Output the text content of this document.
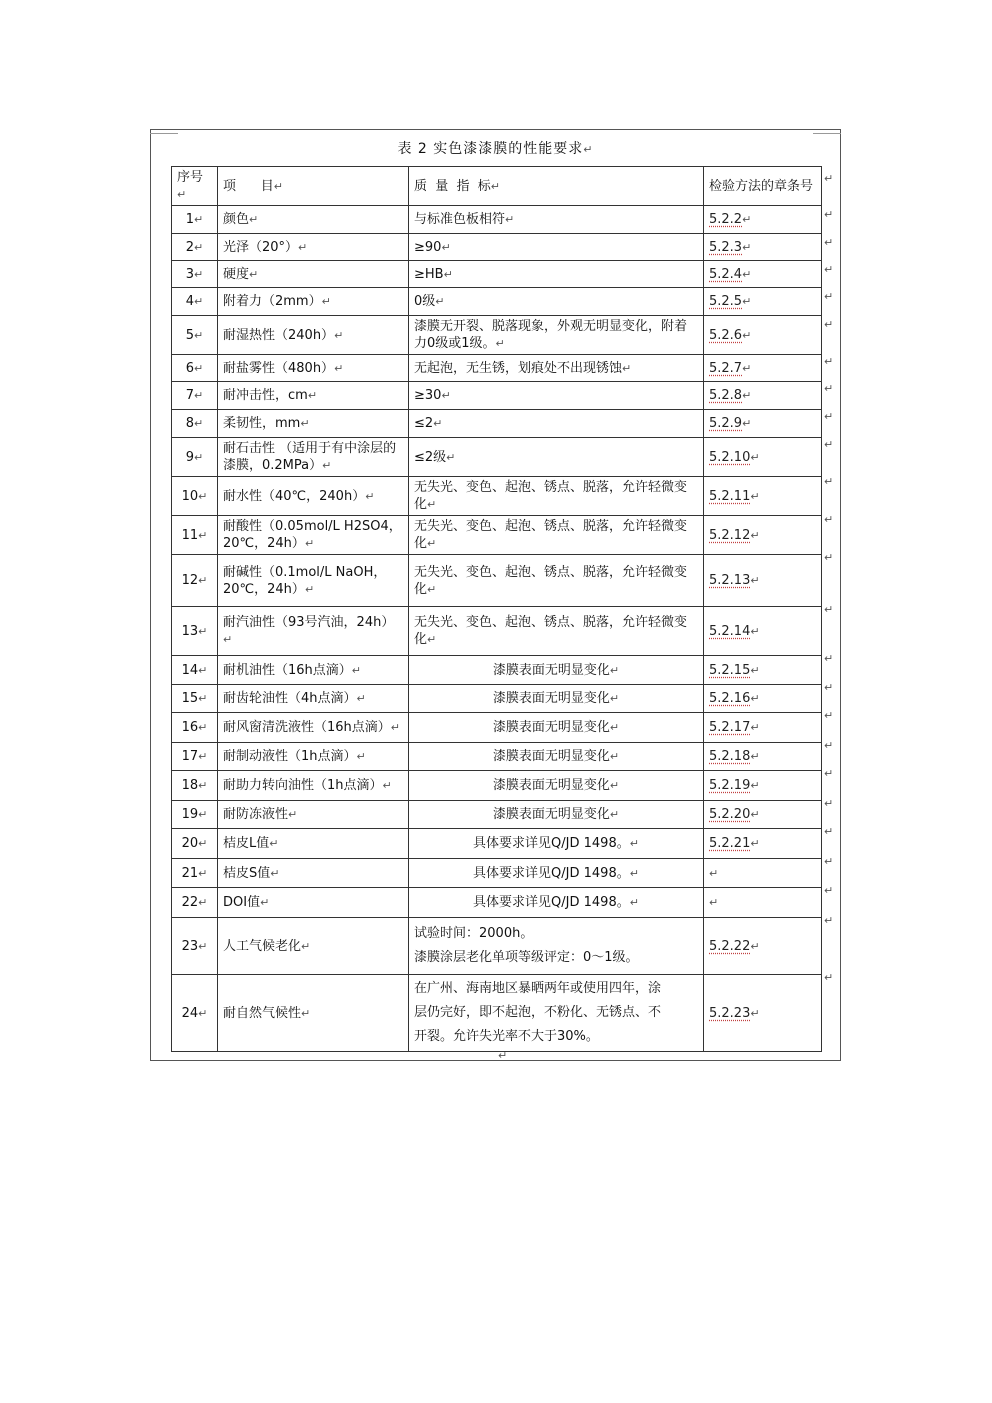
表 2 实色漆漆膜的性能要求↵
序号↵	项      目↵	质  量  指  标↵	检验方法的章条号
1↵	颜色↵	与标准色板相符↵	5.2.2↵
2↵	光泽（20°）↵	≥90↵	5.2.3↵
3↵	硬度↵	≥HB↵	5.2.4↵
4↵	附着力（2mm）↵	0级↵	5.2.5↵
5↵	耐湿热性（240h）↵	漆膜无开裂、脱落现象，外观无明显变化，附着力0级或1级。↵	5.2.6↵
6↵	耐盐雾性（480h）↵	无起泡，无生锈，划痕处不出现锈蚀↵	5.2.7↵
7↵	耐冲击性，cm↵	≥30↵	5.2.8↵
8↵	柔韧性，mm↵	≤2↵	5.2.9↵
9↵	耐石击性 （适用于有中涂层的漆膜，0.2MPa）↵	≤2级↵	5.2.10↵
10↵	耐水性（40℃，240h）↵	无失光、变色、起泡、锈点、脱落，允许轻微变化↵	5.2.11↵
11↵	耐酸性（0.05mol/L H2SO4，20℃，24h）↵	无失光、变色、起泡、锈点、脱落，允许轻微变化↵	5.2.12↵
12↵	耐碱性（0.1mol/L NaOH，20℃，24h）↵	无失光、变色、起泡、锈点、脱落，允许轻微变化↵	5.2.13↵
13↵	耐汽油性（93号汽油，24h）↵	无失光、变色、起泡、锈点、脱落，允许轻微变化↵	5.2.14↵
14↵	耐机油性（16h点滴）↵	漆膜表面无明显变化↵	5.2.15↵
15↵	耐齿轮油性（4h点滴）↵	漆膜表面无明显变化↵	5.2.16↵
16↵	耐风窗清洗液性（16h点滴）↵	漆膜表面无明显变化↵	5.2.17↵
17↵	耐制动液性（1h点滴）↵	漆膜表面无明显变化↵	5.2.18↵
18↵	耐助力转向油性（1h点滴）↵	漆膜表面无明显变化↵	5.2.19↵
19↵	耐防冻液性↵	漆膜表面无明显变化↵	5.2.20↵
20↵	桔皮L值↵	具体要求详见Q/JD 1498。↵	5.2.21↵
21↵	桔皮S值↵	具体要求详见Q/JD 1498。↵	↵
22↵	DOI值↵	具体要求详见Q/JD 1498。↵	↵
23↵	人工气候老化↵	试验时间：2000h。
漆膜涂层老化单项等级评定：0～1级。	5.2.22↵
24↵	耐自然气候性↵	在广州、海南地区暴晒两年或使用四年，涂
层仍完好，即不起泡，不粉化、无锈点、不
开裂。允许失光率不大于30%。	5.2.23↵
↵
↵
↵
↵
↵
↵
↵
↵
↵
↵
↵
↵
↵
↵
↵
↵
↵
↵
↵
↵
↵
↵
↵
↵
↵
↵
